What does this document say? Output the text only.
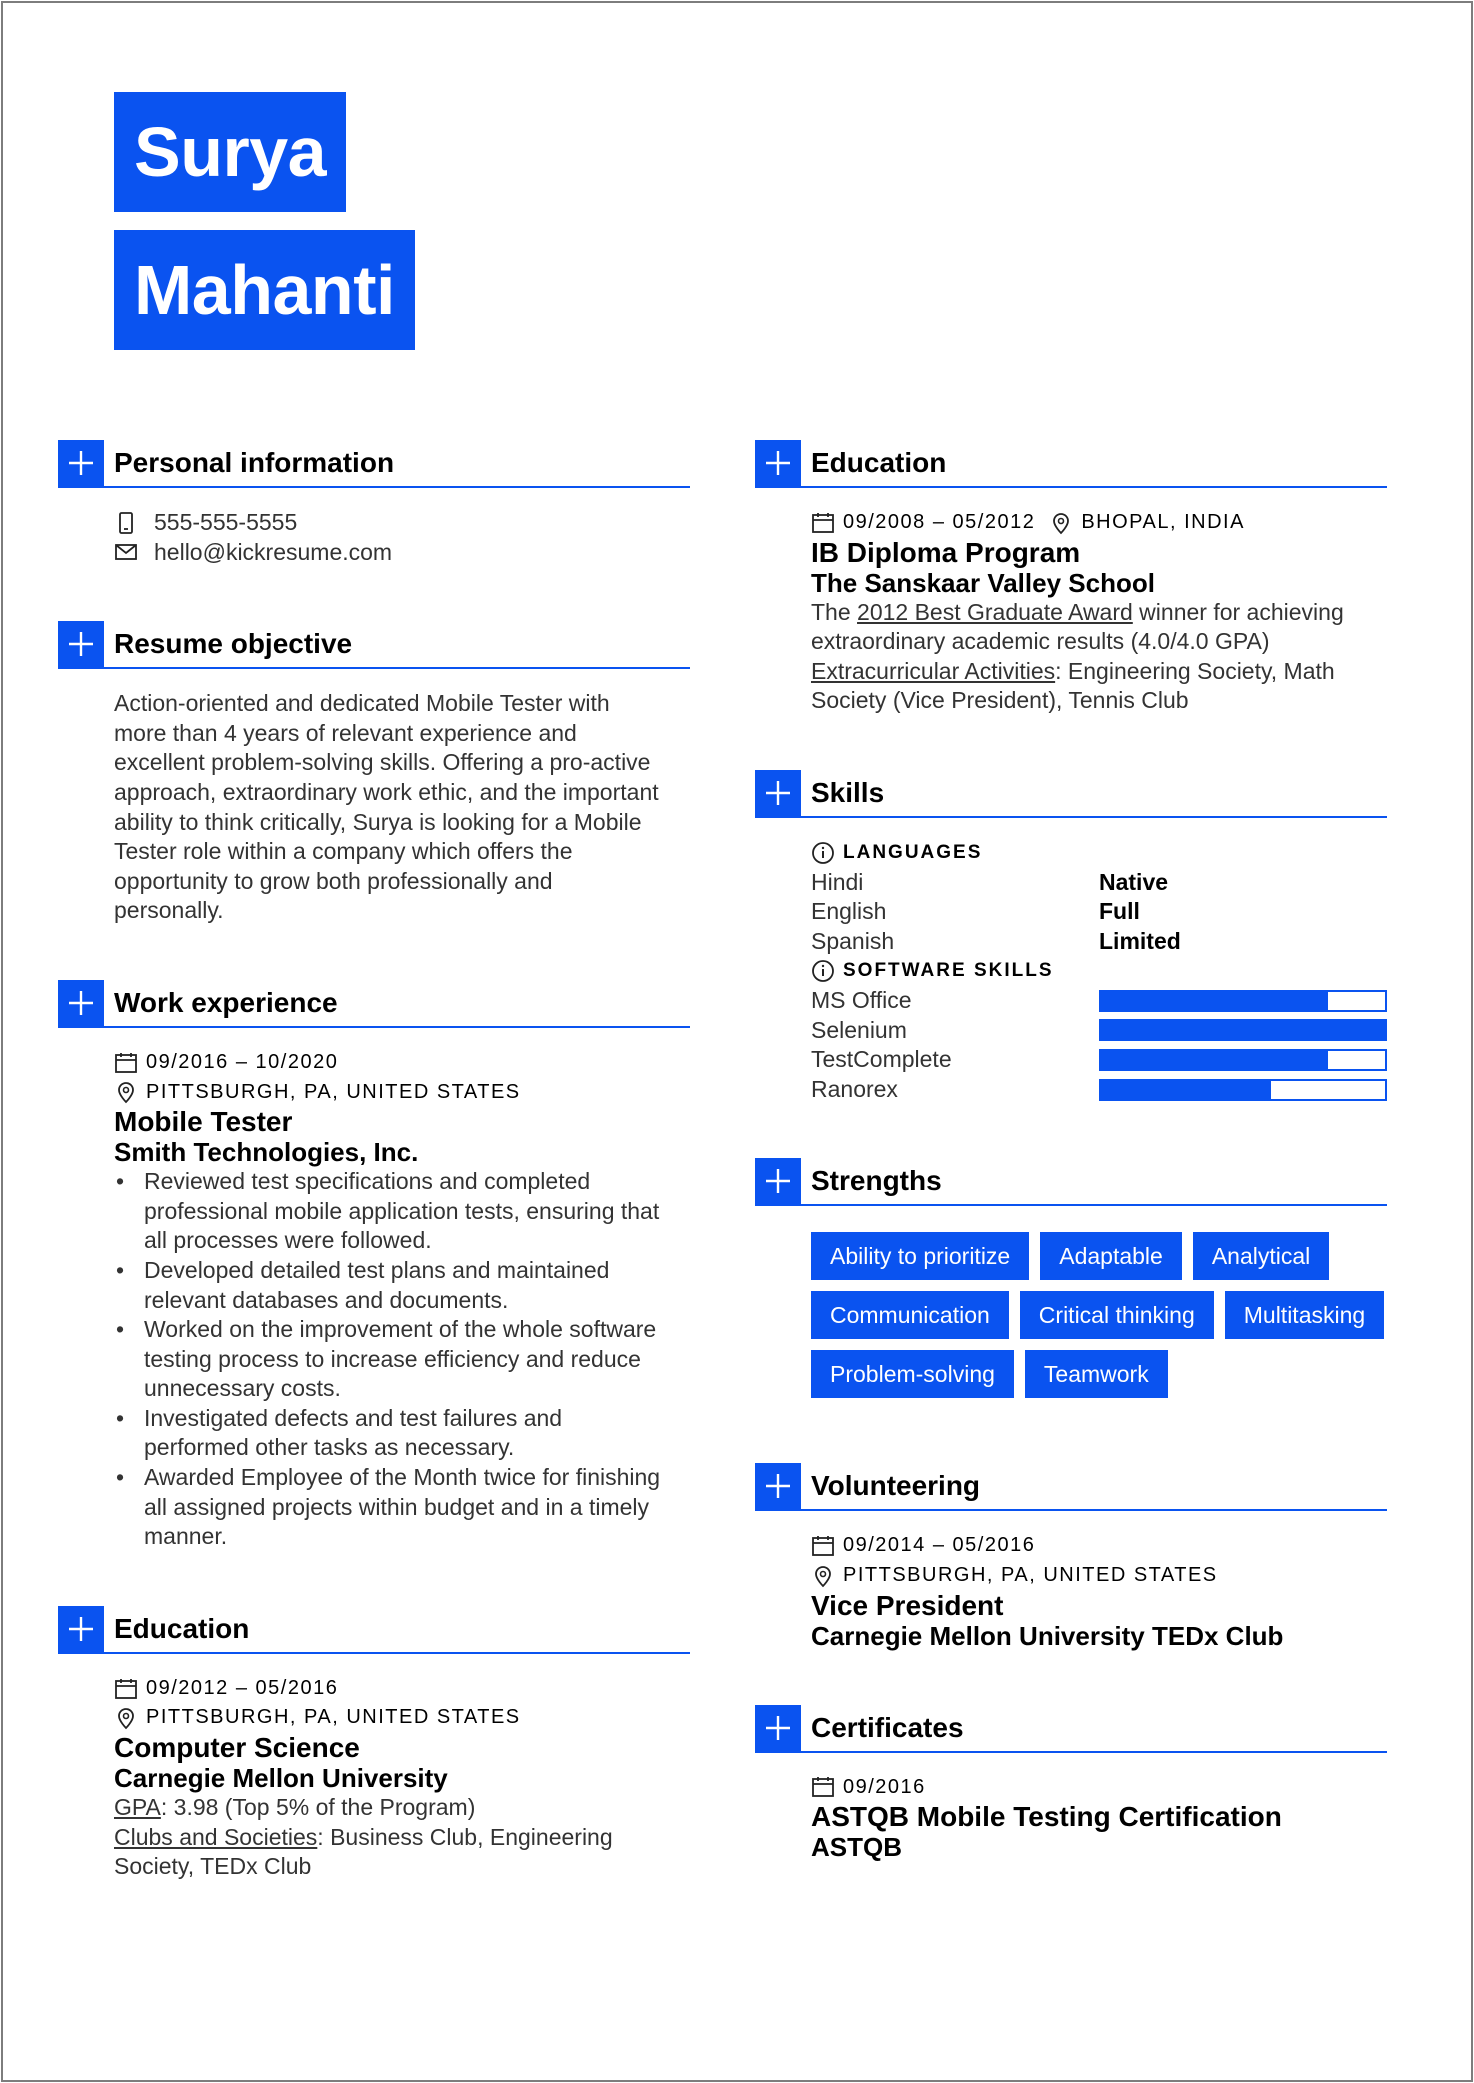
Surya
Mahanti
Personal information
555-555-5555
hello@kickresume.com
Resume objective
Action-oriented and dedicated Mobile Tester with
more than 4 years of relevant experience and
excellent problem-solving skills. Offering a pro-active
approach, extraordinary work ethic, and the important
ability to think critically, Surya is looking for a Mobile
Tester role within a company which offers the
opportunity to grow both professionally and
personally.
Work experience
09/2016 – 10/2020
PITTSBURGH, PA, UNITED STATES
Mobile Tester
Smith Technologies, Inc.
• Reviewed test specifications and completed
professional mobile application tests, ensuring that
all processes were followed.
• Developed detailed test plans and maintained
relevant databases and documents.
• Worked on the improvement of the whole software
testing process to increase efficiency and reduce
unnecessary costs.
• Investigated defects and test failures and
performed other tasks as necessary.
• Awarded Employee of the Month twice for finishing
all assigned projects within budget and in a timely
manner.
Education
09/2012 – 05/2016
PITTSBURGH, PA, UNITED STATES
Computer Science
Carnegie Mellon University
GPA: 3.98 (Top 5% of the Program)
Clubs and Societies: Business Club, Engineering
Society, TEDx Club
Education
09/2008 – 05/2012 BHOPAL, INDIA
IB Diploma Program
The Sanskaar Valley School
The 2012 Best Graduate Award winner for achieving
extraordinary academic results (4.0/4.0 GPA)
Extracurricular Activities: Engineering Society, Math
Society (Vice President), Tennis Club
Skills
LANGUAGES
Hindi	Native
English	Full
Spanish	Limited
SOFTWARE SKILLS
MS Office
Selenium
TestComplete
Ranorex
Strengths
Ability to prioritize	Adaptable	Analytical
Communication	Critical thinking	Multitasking
Problem-solving	Teamwork
Volunteering
09/2014 – 05/2016
PITTSBURGH, PA, UNITED STATES
Vice President
Carnegie Mellon University TEDx Club
Certificates
09/2016
ASTQB Mobile Testing Certification
ASTQB
